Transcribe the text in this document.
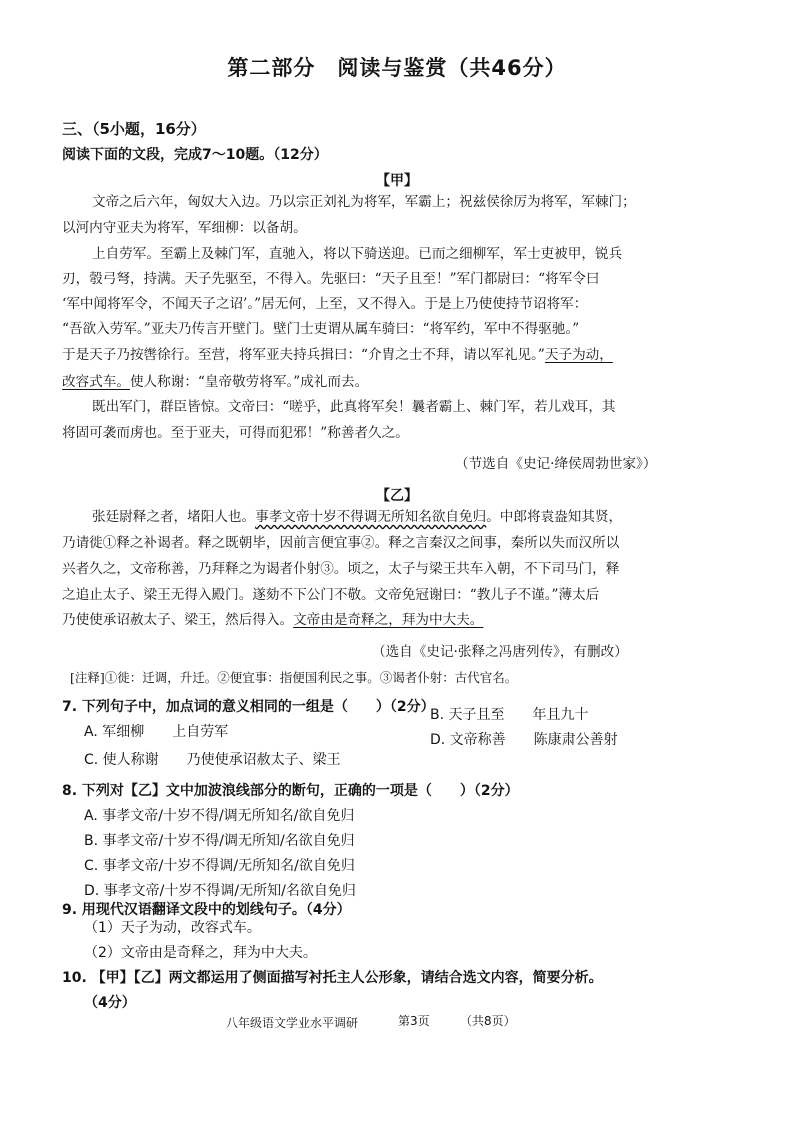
第二部分　阅读与鉴赏（共46分）
三、（5小题，16分）
阅读下面的文段，完成7～10题。（12分）
【甲】
文帝之后六年，匈奴大入边。乃以宗正刘礼为将军，军霸上；祝兹侯徐厉为将军，军棘门；
以河内守亚夫为将军，军细柳：以备胡。
上自劳军。至霸上及棘门军，直驰入，将以下骑送迎。已而之细柳军，军士吏被甲，锐兵
刃，彀弓弩，持满。天子先驱至，不得入。先驱曰：“天子且至！”军门都尉曰：“将军令曰
‘军中闻将军令，不闻天子之诏’。”居无何，上至，又不得入。于是上乃使使持节诏将军：
“吾欲入劳军。”亚夫乃传言开壁门。壁门士吏谓从属车骑曰：“将军约，军中不得驱驰。”
于是天子乃按辔徐行。至营，将军亚夫持兵揖曰：“介胄之士不拜，请以军礼见。”天子为动，
改容式车。使人称谢：“皇帝敬劳将军。”成礼而去。
既出军门，群臣皆惊。文帝曰：“嗟乎，此真将军矣！曩者霸上、棘门军，若儿戏耳，其
将固可袭而虏也。至于亚夫，可得而犯邪！”称善者久之。
（节选自《史记·绛侯周勃世家》）
【乙】
张廷尉释之者，堵阳人也。事孝文帝十岁不得调无所知名欲自免归。中郎将袁盎知其贤，
乃请徙①释之补谒者。释之既朝毕，因前言便宜事②。释之言秦汉之间事，秦所以失而汉所以
兴者久之，文帝称善，乃拜释之为谒者仆射③。顷之，太子与梁王共车入朝，不下司马门，释
之追止太子、梁王无得入殿门。遂劾不下公门不敬。文帝免冠谢曰：“教儿子不谨。”薄太后
乃使使承诏赦太子、梁王，然后得入。文帝由是奇释之，拜为中大夫。
（选自《史记·张释之冯唐列传》，有删改）
[注释]①徙：迁调，升迁。②便宜事：指便国利民之事。③谒者仆射：古代官名。
7. 下列句子中，加点词的意义相同的一组是（　　）（2分）
A. 军细柳　　上自劳军
B. 天子且至　　年且九十
C. 使人称谢　　乃使使承诏赦太子、梁王
D. 文帝称善　　陈康肃公善射
8. 下列对【乙】文中加波浪线部分的断句，正确的一项是（　　）（2分）
A. 事孝文帝/十岁不得/调无所知名/欲自免归
B. 事孝文帝/十岁不得/调无所知/名欲自免归
C. 事孝文帝/十岁不得调/无所知名/欲自免归
D. 事孝文帝/十岁不得调/无所知/名欲自免归
9. 用现代汉语翻译文段中的划线句子。（4分）
（1）天子为动，改容式车。
（2）文帝由是奇释之，拜为中大夫。
10. 【甲】【乙】两文都运用了侧面描写衬托主人公形象，请结合选文内容，简要分析。
（4分）
八年级语文学业水平调研	第3页	（共8页）
